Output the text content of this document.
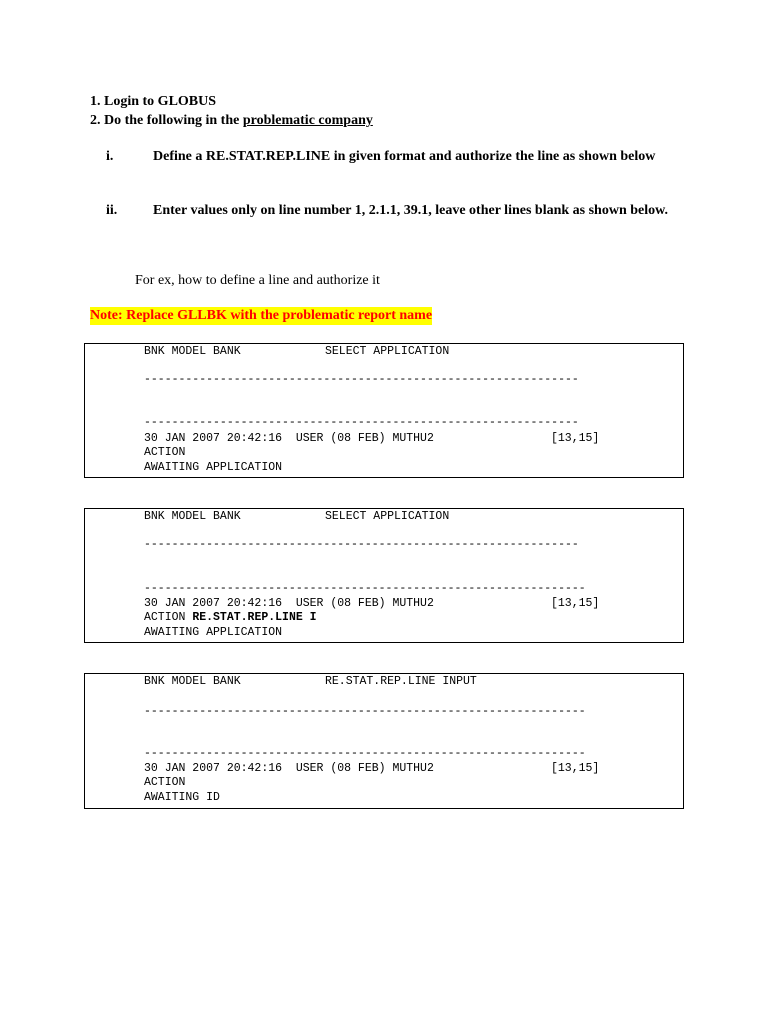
1. Login to GLOBUS
2. Do the following in the problematic company
i.	Define a RE.STAT.REP.LINE in given format and authorize the line as shown below
ii.	Enter values only on line number 1, 2.1.1, 39.1, leave other lines blank as shown below.
For ex, how to define a line and authorize it
Note: Replace GLLBK with the problematic report name
BNK MODEL BANK	SELECT APPLICATION
---------------------------------------------------------------
---------------------------------------------------------------
30 JAN 2007 20:42:16  USER (08 FEB) MUTHU2	[13,15]
ACTION
AWAITING APPLICATION
BNK MODEL BANK	SELECT APPLICATION
---------------------------------------------------------------
----------------------------------------------------------------
30 JAN 2007 20:42:16  USER (08 FEB) MUTHU2	[13,15]
ACTION RE.STAT.REP.LINE I
AWAITING APPLICATION
BNK MODEL BANK	RE.STAT.REP.LINE INPUT
----------------------------------------------------------------
----------------------------------------------------------------
30 JAN 2007 20:42:16  USER (08 FEB) MUTHU2	[13,15]
ACTION
AWAITING ID
